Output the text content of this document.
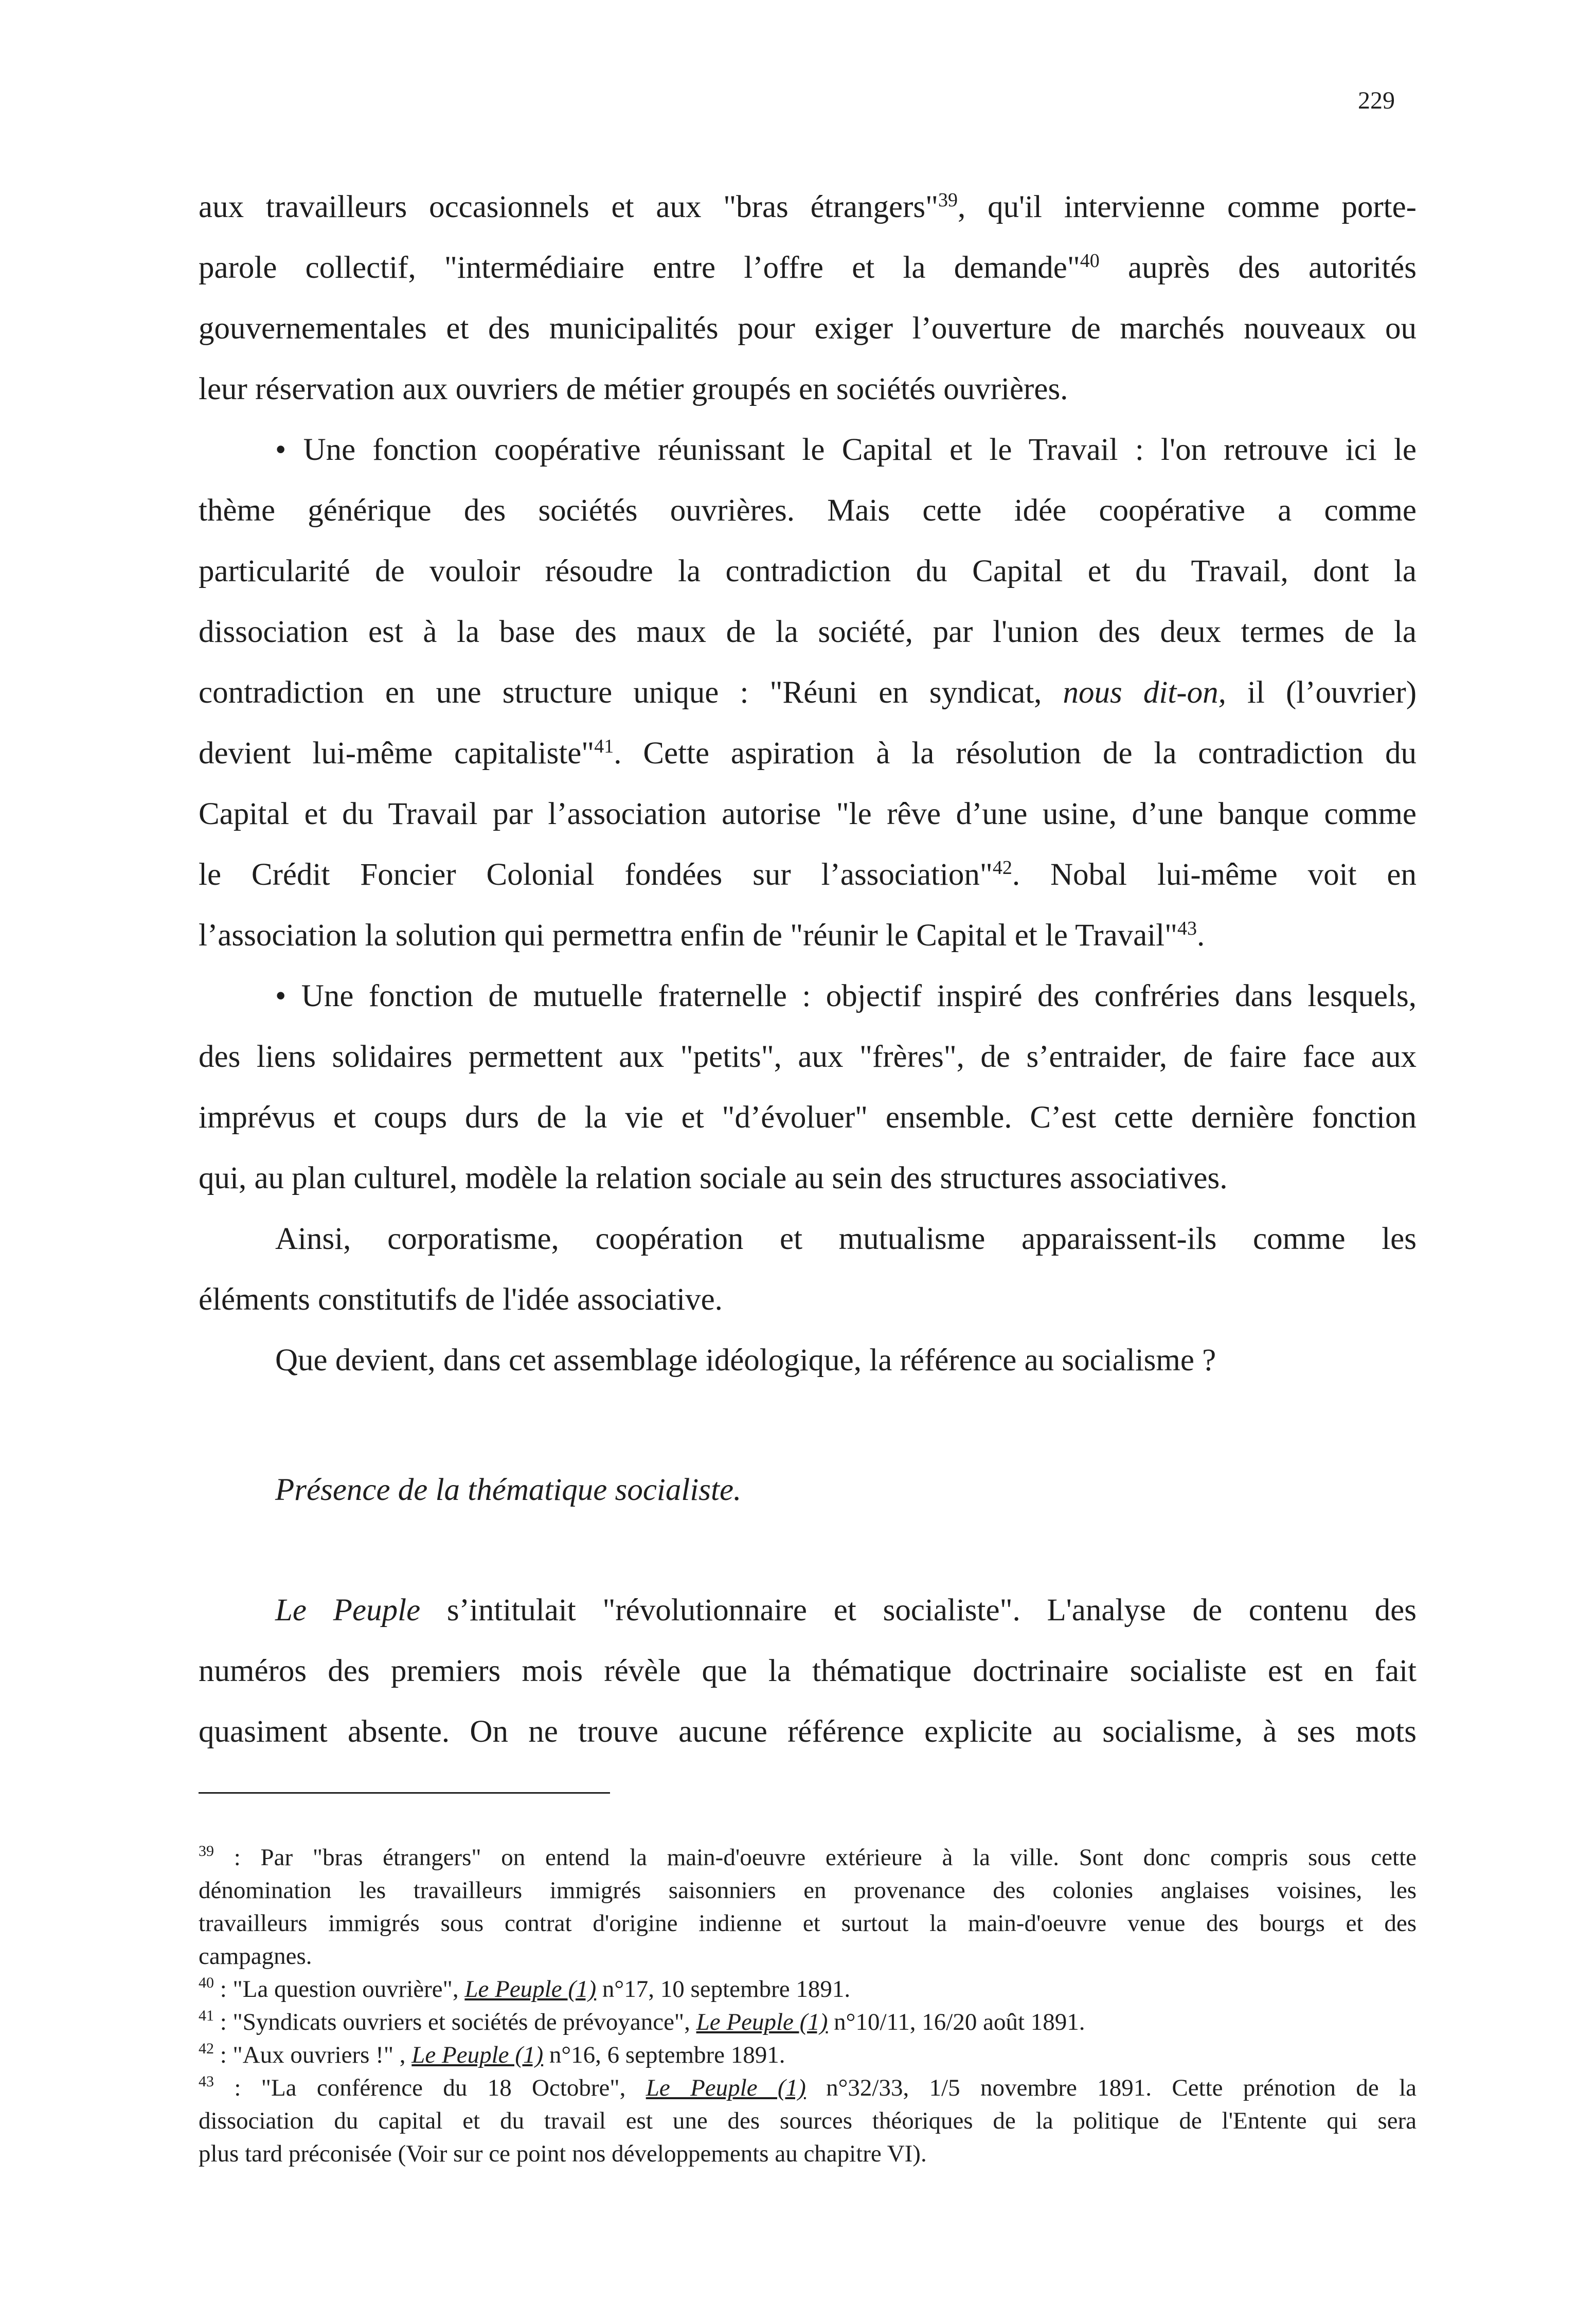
229
aux travailleurs occasionnels et aux "bras étrangers"$^{39}$, qu'il intervienne comme porte-
parole collectif, "intermédiaire entre l’offre et la demande"$^{40}$ auprès des autorités
gouvernementales et des municipalités pour exiger l’ouverture de marchés nouveaux ou
leur réservation aux ouvriers de métier groupés en sociétés ouvrières.
• Une fonction coopérative réunissant le Capital et le Travail : l'on retrouve ici le
thème générique des sociétés ouvrières. Mais cette idée coopérative a comme
particularité de vouloir résoudre la contradiction du Capital et du Travail, dont la
dissociation est à la base des maux de la société, par l'union des deux termes de la
contradiction en une structure unique : "Réuni en syndicat, nous dit-on, il (l’ouvrier)
devient lui-même capitaliste"$^{41}$. Cette aspiration à la résolution de la contradiction du
Capital et du Travail par l’association autorise "le rêve d’une usine, d’une banque comme
le Crédit Foncier Colonial fondées sur l’association"$^{42}$. Nobal lui-même voit en
l’association la solution qui permettra enfin de "réunir le Capital et le Travail"$^{43}$.
• Une fonction de mutuelle fraternelle : objectif inspiré des confréries dans lesquels,
des liens solidaires permettent aux "petits", aux "frères", de s’entraider, de faire face aux
imprévus et coups durs de la vie et "d’évoluer" ensemble. C’est cette dernière fonction
qui, au plan culturel, modèle la relation sociale au sein des structures associatives.
Ainsi, corporatisme, coopération et mutualisme apparaissent-ils comme les
éléments constitutifs de l'idée associative.
Que devient, dans cet assemblage idéologique, la référence au socialisme ?
Présence de la thématique socialiste.
Le Peuple s’intitulait "révolutionnaire et socialiste". L'analyse de contenu des
numéros des premiers mois révèle que la thématique doctrinaire socialiste est en fait
quasiment absente. On ne trouve aucune référence explicite au socialisme, à ses mots
$^{39}$ : Par "bras étrangers" on entend la main-d'oeuvre extérieure à la ville. Sont donc compris sous cette
dénomination les travailleurs immigrés saisonniers en provenance des colonies anglaises voisines, les
travailleurs immigrés sous contrat d'origine indienne et surtout la main-d'oeuvre venue des bourgs et des
campagnes.
$^{40}$ : "La question ouvrière", Le Peuple (1) n°17, 10 septembre 1891.
$^{41}$ : "Syndicats ouvriers et sociétés de prévoyance", Le Peuple (1) n°10/11, 16/20 août 1891.
$^{42}$ : "Aux ouvriers !" , Le Peuple (1) n°16, 6 septembre 1891.
$^{43}$ : "La conférence du 18 Octobre", Le Peuple (1) n°32/33, 1/5 novembre 1891. Cette prénotion de la
dissociation du capital et du travail est une des sources théoriques de la politique de l'Entente qui sera
plus tard préconisée (Voir sur ce point nos développements au chapitre VI).
